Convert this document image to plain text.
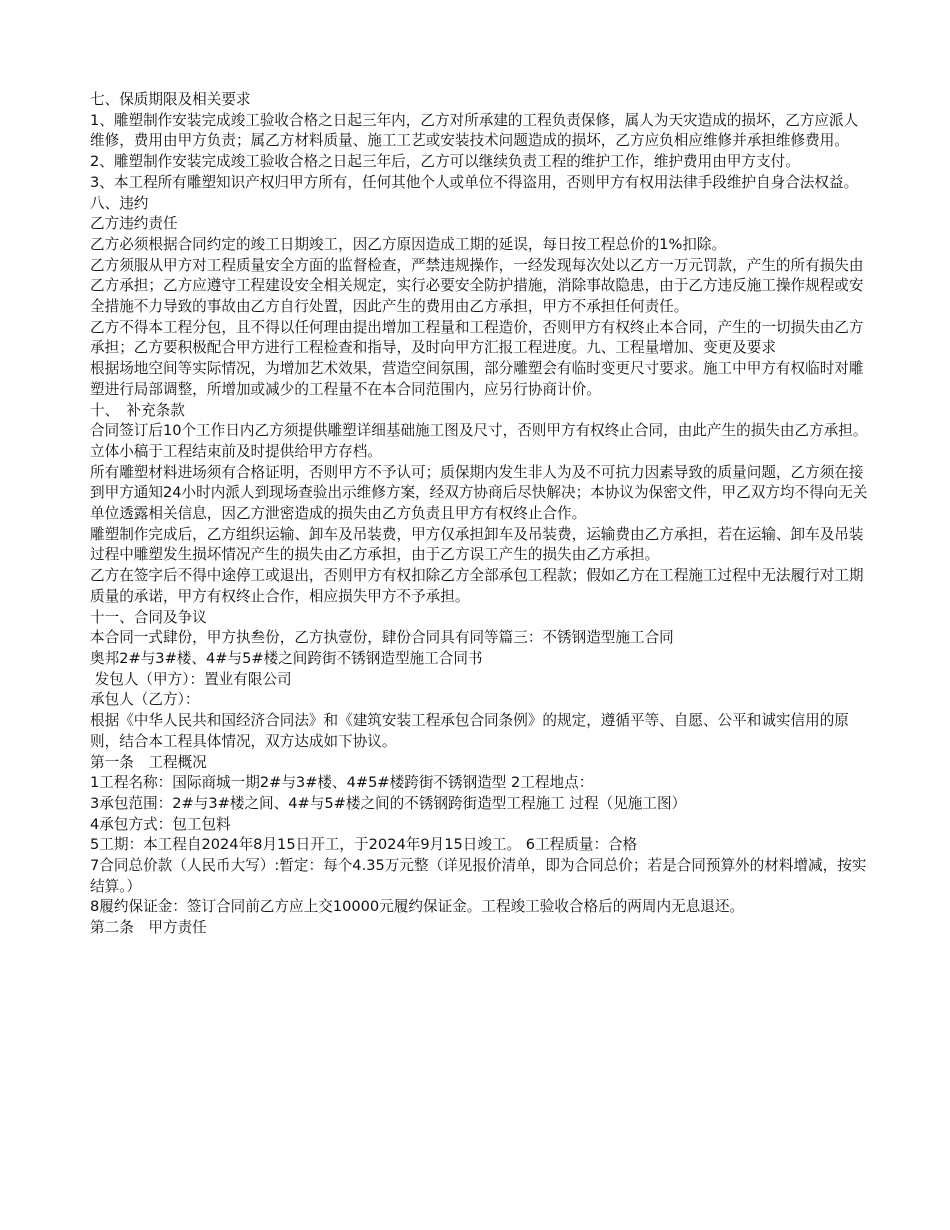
七、保质期限及相关要求

1、雕塑制作安装完成竣工验收合格之日起三年内，乙方对所承建的工程负责保修，属人为天灾造成的损坏，乙方应派人维修，费用由甲方负责；属乙方材料质量、施工工艺或安装技术问题造成的损坏，乙方应负相应维修并承担维修费用。

2、雕塑制作安装完成竣工验收合格之日起三年后，乙方可以继续负责工程的维护工作，维护费用由甲方支付。

3、本工程所有雕塑知识产权归甲方所有，任何其他个人或单位不得盗用，否则甲方有权用法律手段维护自身合法权益。

八、违约

乙方违约责任

乙方必须根据合同约定的竣工日期竣工，因乙方原因造成工期的延误，每日按工程总价的1%扣除。

乙方须服从甲方对工程质量安全方面的监督检查，严禁违规操作，一经发现每次处以乙方一万元罚款，产生的所有损失由乙方承担；乙方应遵守工程建设安全相关规定，实行必要安全防护措施，消除事故隐患，由于乙方违反施工操作规程或安全措施不力导致的事故由乙方自行处置，因此产生的费用由乙方承担，甲方不承担任何责任。

乙方不得本工程分包，且不得以任何理由提出增加工程量和工程造价，否则甲方有权终止本合同，产生的一切损失由乙方承担；乙方要积极配合甲方进行工程检查和指导，及时向甲方汇报工程进度。九、工程量增加、变更及要求

根据场地空间等实际情况，为增加艺术效果，营造空间氛围，部分雕塑会有临时变更尺寸要求。施工中甲方有权临时对雕塑进行局部调整，所增加或减少的工程量不在本合同范围内，应另行协商计价。

十、　补充条款

合同签订后10个工作日内乙方须提供雕塑详细基础施工图及尺寸，否则甲方有权终止合同，由此产生的损失由乙方承担。　立体小稿于工程结束前及时提供给甲方存档。

所有雕塑材料进场须有合格证明，否则甲方不予认可；质保期内发生非人为及不可抗力因素导致的质量问题，乙方须在接到甲方通知24小时内派人到现场查验出示维修方案，经双方协商后尽快解决；本协议为保密文件，甲乙双方均不得向无关单位透露相关信息，因乙方泄密造成的损失由乙方负责且甲方有权终止合作。

雕塑制作完成后，乙方组织运输、卸车及吊装费，甲方仅承担卸车及吊装费，运输费由乙方承担，若在运输、卸车及吊装过程中雕塑发生损坏情况产生的损失由乙方承担，由于乙方误工产生的损失由乙方承担。

乙方在签字后不得中途停工或退出，否则甲方有权扣除乙方全部承包工程款；假如乙方在工程施工过程中无法履行对工期质量的承诺，甲方有权终止合作，相应损失甲方不予承担。

十一、合同及争议

本合同一式肆份，甲方执叁份，乙方执壹份，肆份合同具有同等篇三：不锈钢造型施工合同

奥邦2#与3#楼、4#与5#楼之间跨街不锈钢造型施工合同书

发包人（甲方）：置业有限公司

承包人（乙方）：

根据《中华人民共和国经济合同法》和《建筑安装工程承包合同条例》的规定，遵循平等、自愿、公平和诚实信用的原则，结合本工程具体情况，双方达成如下协议。

第一条　工程概况

1工程名称：国际商城一期2#与3#楼、4#5#楼跨街不锈钢造型 2工程地点：

3承包范围：2#与3#楼之间、4#与5#楼之间的不锈钢跨街造型工程施工 过程（见施工图）

4承包方式：包工包料

5工期：本工程自2024年8月15日开工，于2024年9月15日竣工。 6工程质量：合格

7合同总价款（人民币大写）:暂定：每个4.35万元整（详见报价清单，即为合同总价；若是合同预算外的材料增减，按实结算。）

8履约保证金：签订合同前乙方应上交10000元履约保证金。工程竣工验收合格后的两周内无息退还。

第二条　甲方责任
